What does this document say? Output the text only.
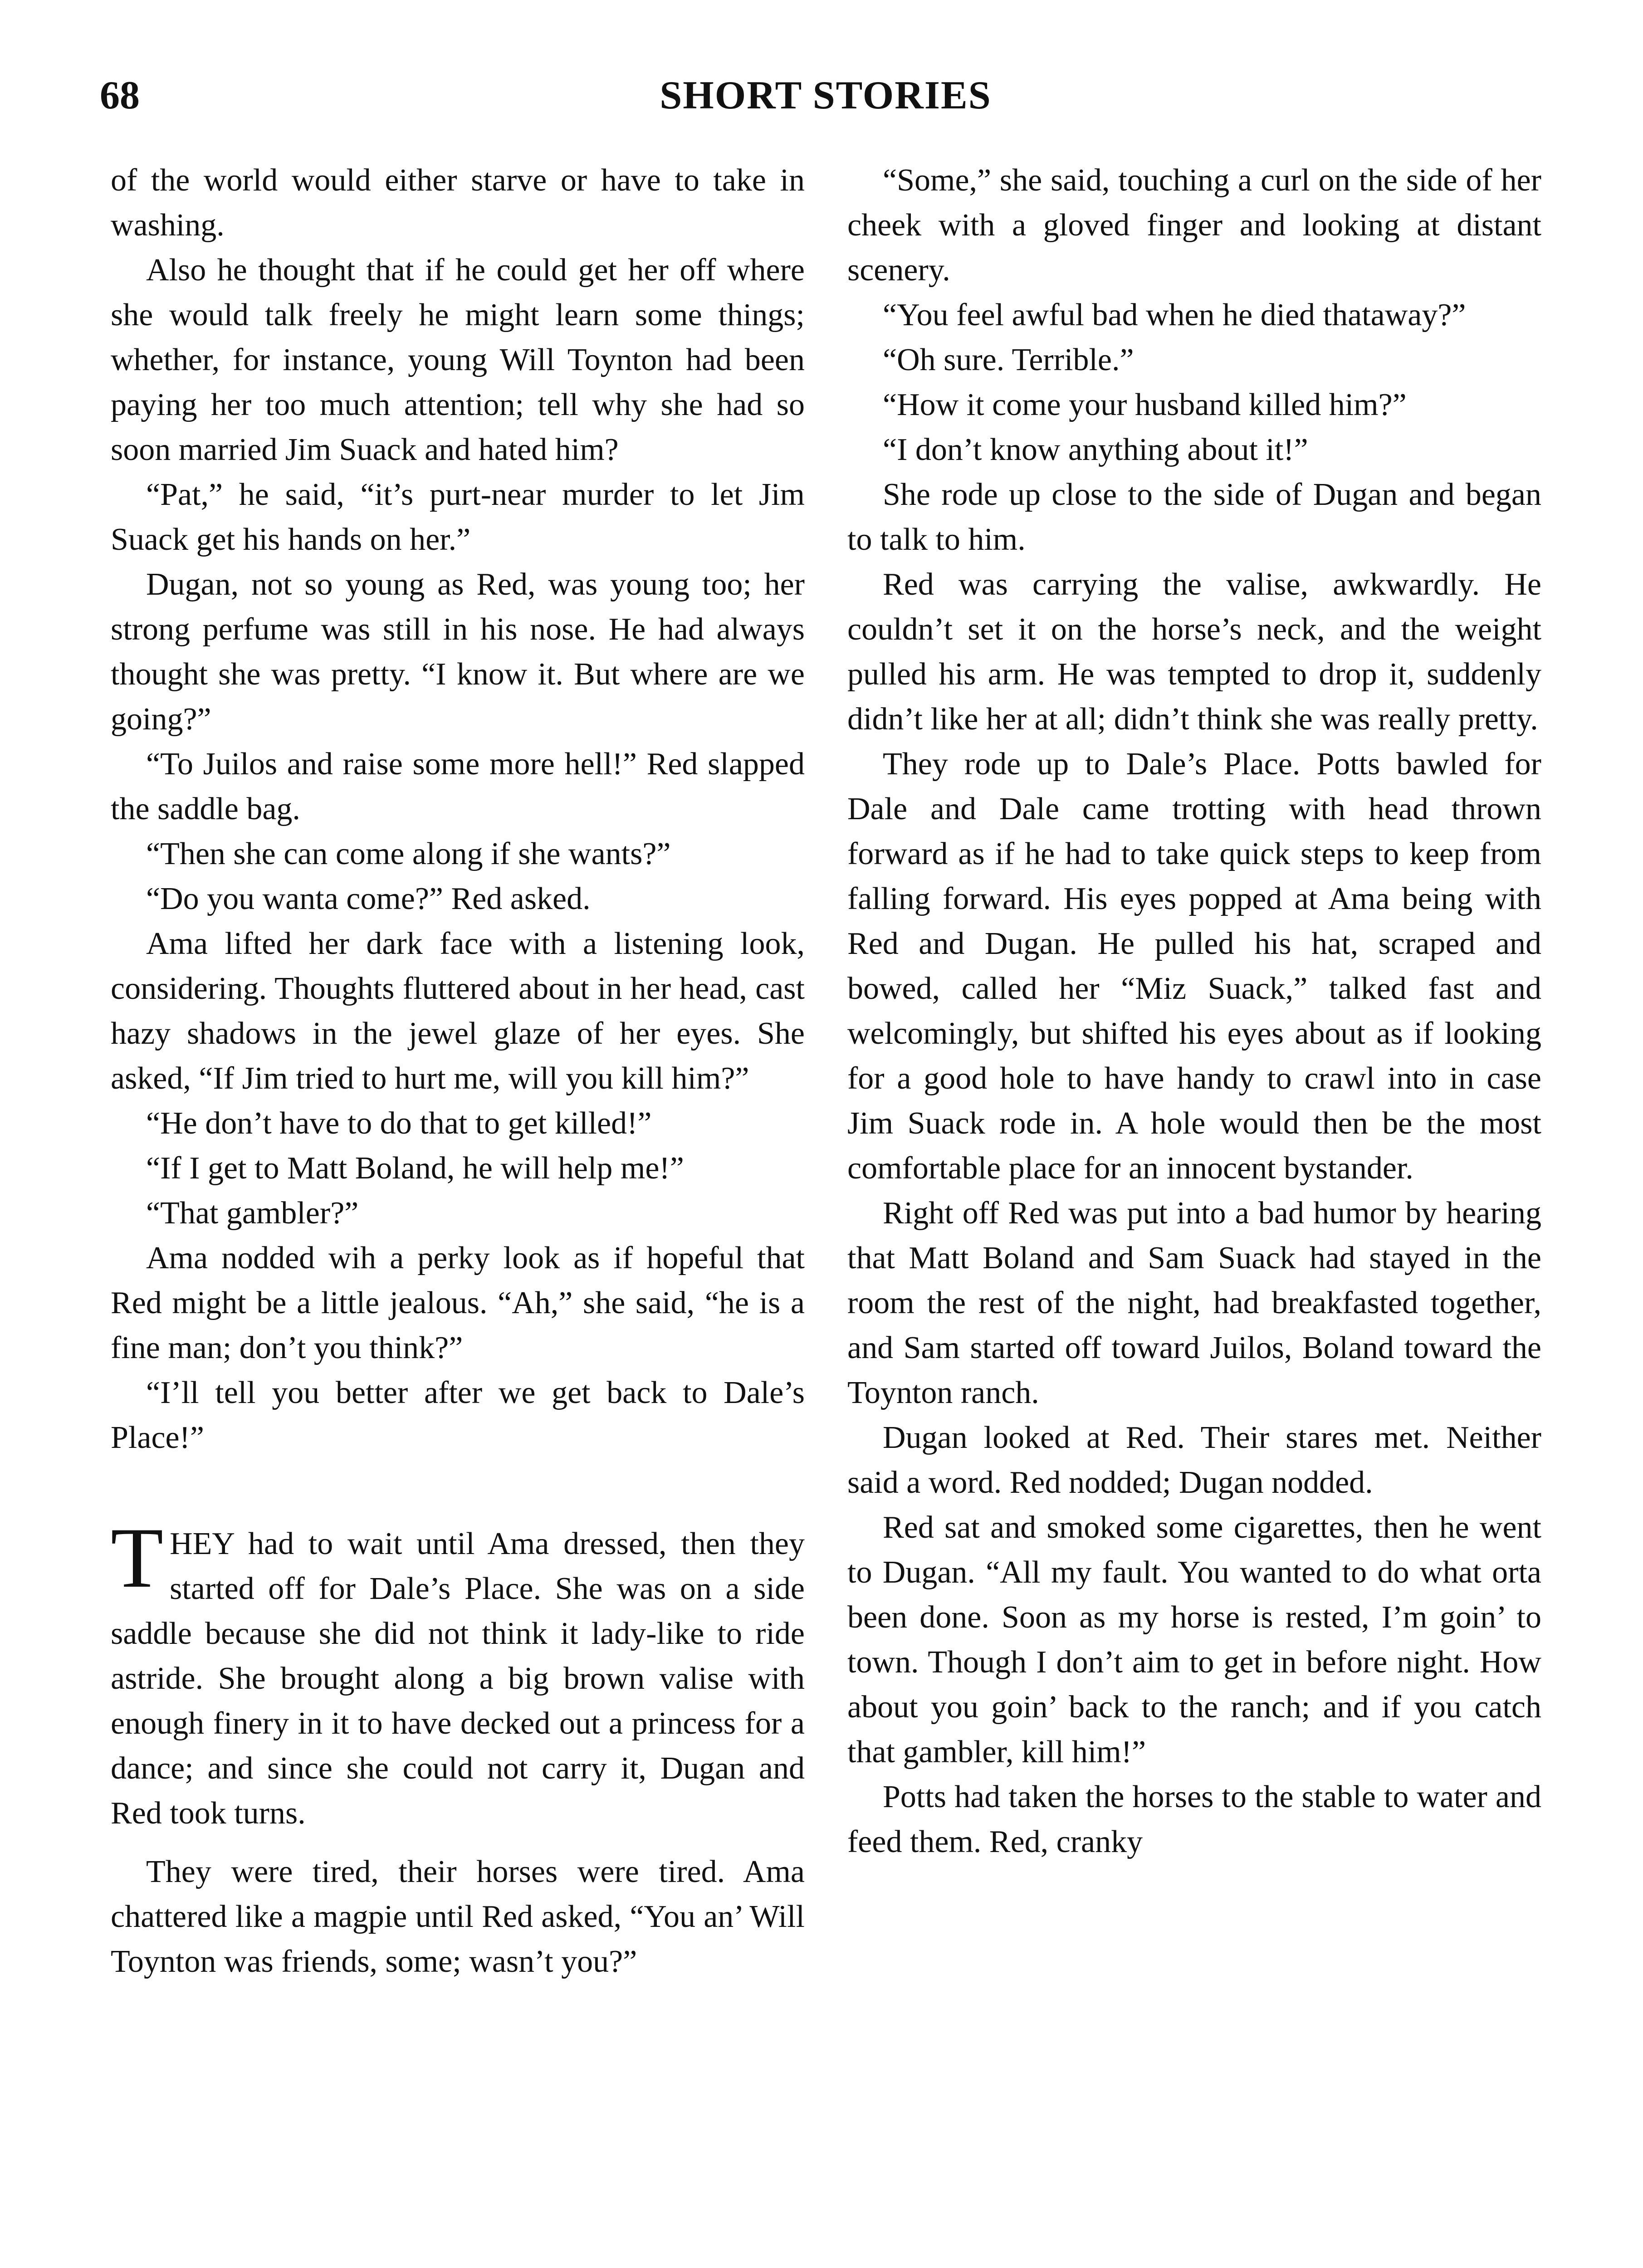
68	SHORT STORIES

of the world would either starve or have to take in washing.

Also he thought that if he could get her off where she would talk freely he might learn some things; whether, for instance, young Will Toynton had been paying her too much attention; tell why she had so soon married Jim Suack and hated him?

“Pat,” he said, “it’s purt-near murder to let Jim Suack get his hands on her.”

Dugan, not so young as Red, was young too; her strong perfume was still in his nose. He had always thought she was pretty. “I know it. But where are we going?”

“To Juilos and raise some more hell!” Red slapped the saddle bag.

“Then she can come along if she wants?”

“Do you wanta come?” Red asked.

Ama lifted her dark face with a listening look, considering. Thoughts fluttered about in her head, cast hazy shadows in the jewel glaze of her eyes. She asked, “If Jim tried to hurt me, will you kill him?”

“He don’t have to do that to get killed!”

“If I get to Matt Boland, he will help me!”

“That gambler?”

Ama nodded wih a perky look as if hopeful that Red might be a little jealous. “Ah,” she said, “he is a fine man; don’t you think?”

“I’ll tell you better after we get back to Dale’s Place!”

THEY had to wait until Ama dressed, then they started off for Dale’s Place. She was on a side saddle because she did not think it lady-like to ride astride. She brought along a big brown valise with enough finery in it to have decked out a princess for a dance; and since she could not carry it, Dugan and Red took turns.

They were tired, their horses were tired. Ama chattered like a magpie until Red asked, “You an’ Will Toynton was friends, some; wasn’t you?”

“Some,” she said, touching a curl on the side of her cheek with a gloved finger and looking at distant scenery.

“You feel awful bad when he died thataway?”

“Oh sure. Terrible.”

“How it come your husband killed him?”

“I don’t know anything about it!”

She rode up close to the side of Dugan and began to talk to him.

Red was carrying the valise, awkwardly. He couldn’t set it on the horse’s neck, and the weight pulled his arm. He was tempted to drop it, suddenly didn’t like her at all; didn’t think she was really pretty.

They rode up to Dale’s Place. Potts bawled for Dale and Dale came trotting with head thrown forward as if he had to take quick steps to keep from falling forward. His eyes popped at Ama being with Red and Dugan. He pulled his hat, scraped and bowed, called her “Miz Suack,” talked fast and welcomingly, but shifted his eyes about as if looking for a good hole to have handy to crawl into in case Jim Suack rode in. A hole would then be the most comfortable place for an innocent bystander.

Right off Red was put into a bad humor by hearing that Matt Boland and Sam Suack had stayed in the room the rest of the night, had breakfasted together, and Sam started off toward Juilos, Boland toward the Toynton ranch.

Dugan looked at Red. Their stares met. Neither said a word. Red nodded; Dugan nodded.

Red sat and smoked some cigarettes, then he went to Dugan. “All my fault. You wanted to do what orta been done. Soon as my horse is rested, I’m goin’ to town. Though I don’t aim to get in before night. How about you goin’ back to the ranch; and if you catch that gambler, kill him!”

Potts had taken the horses to the stable to water and feed them. Red, cranky
